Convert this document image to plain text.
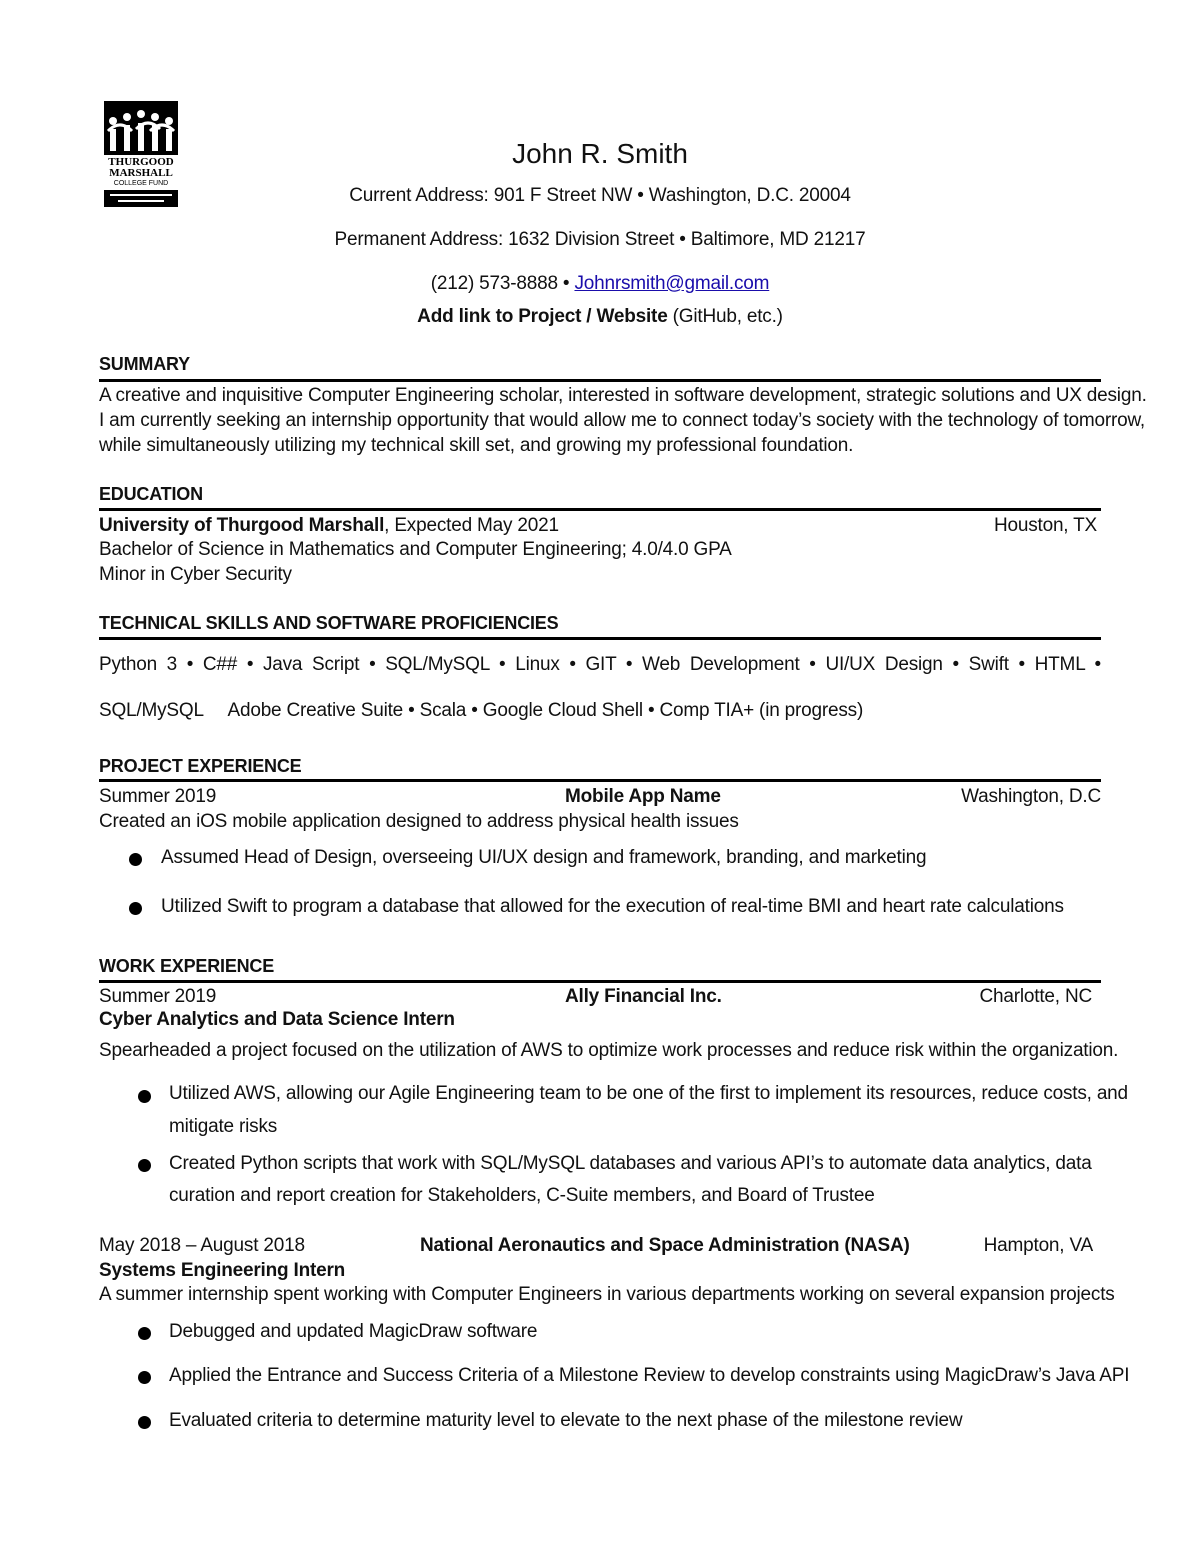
THURGOOD
MARSHALL
COLLEGE FUND
John R. Smith
Current Address: 901 F Street NW • Washington, D.C. 20004
Permanent Address: 1632 Division Street • Baltimore, MD 21217
(212) 573-8888 • Johnrsmith@gmail.com
Add link to Project / Website (GitHub, etc.)
SUMMARY
A creative and inquisitive Computer Engineering scholar, interested in software development, strategic solutions and UX design.
I am currently seeking an internship opportunity that would allow me to connect today’s society with the technology of tomorrow,
while simultaneously utilizing my technical skill set, and growing my professional foundation.
EDUCATION
University of Thurgood Marshall, Expected May 2021	Houston, TX
Bachelor of Science in Mathematics and Computer Engineering; 4.0/4.0 GPA
Minor in Cyber Security
TECHNICAL SKILLS AND SOFTWARE PROFICIENCIES
Python 3 • C## • Java Script • SQL/MySQL • Linux • GIT • Web Development • UI/UX Design • Swift • HTML •
SQL/MySQL     Adobe Creative Suite • Scala • Google Cloud Shell • Comp TIA+ (in progress)
PROJECT EXPERIENCE
Summer 2019	Mobile App Name	Washington, D.C
Created an iOS mobile application designed to address physical health issues
Assumed Head of Design, overseeing UI/UX design and framework, branding, and marketing
Utilized Swift to program a database that allowed for the execution of real-time BMI and heart rate calculations
WORK EXPERIENCE
Summer 2019	Ally Financial Inc.	Charlotte, NC
Cyber Analytics and Data Science Intern
Spearheaded a project focused on the utilization of AWS to optimize work processes and reduce risk within the organization.
Utilized AWS, allowing our Agile Engineering team to be one of the first to implement its resources, reduce costs, and
mitigate risks
Created Python scripts that work with SQL/MySQL databases and various API’s to automate data analytics, data
curation and report creation for Stakeholders, C-Suite members, and Board of Trustee
May 2018 – August 2018	National Aeronautics and Space Administration (NASA)	Hampton, VA
Systems Engineering Intern
A summer internship spent working with Computer Engineers in various departments working on several expansion projects
Debugged and updated MagicDraw software
Applied the Entrance and Success Criteria of a Milestone Review to develop constraints using MagicDraw’s Java API
Evaluated criteria to determine maturity level to elevate to the next phase of the milestone review
